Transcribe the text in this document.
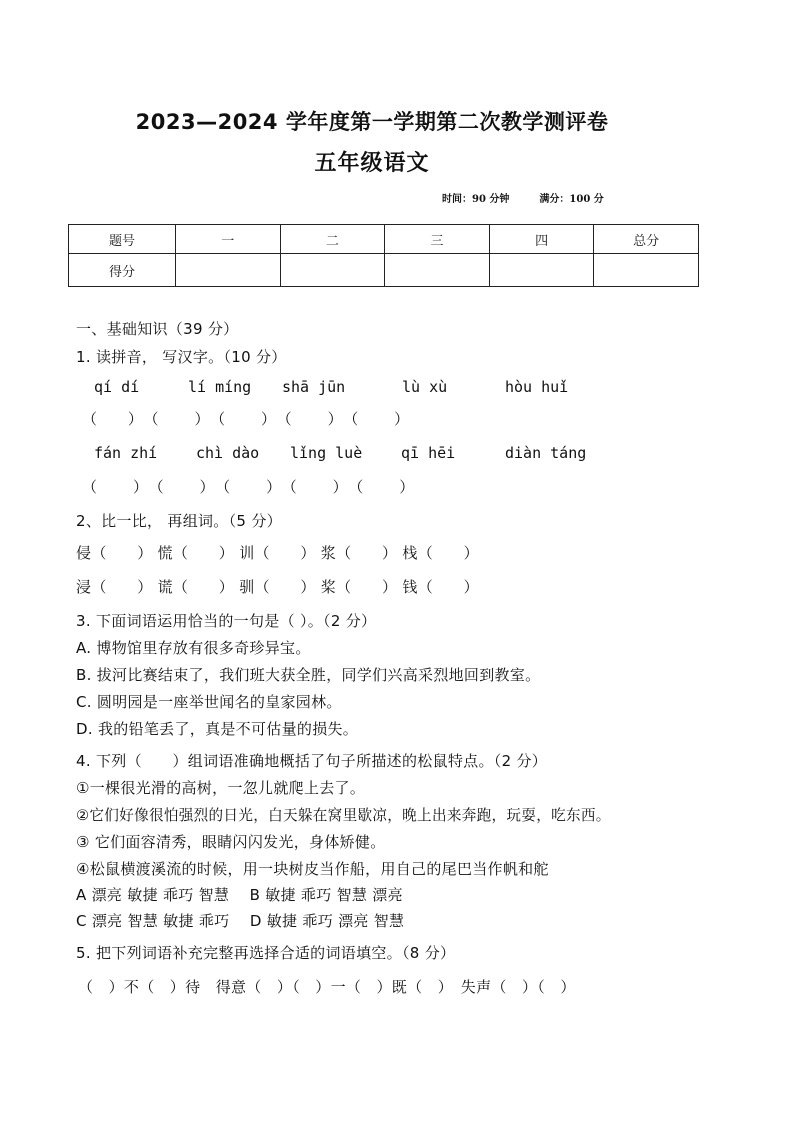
2023—2024 学年度第一学期第二次教学测评卷
五年级语文
时间：90 分钟	满分：100 分
题号	一	二	三	四	总分
得分					
一、基础知识（39 分）
1. 读拼音， 写汉字。（10 分）
qí dí	lí míng shā jūn	lù xù	hòu huǐ
（　　）　（　　 ）　（　　 ）　（　　 ）　（　　 ）
fán zhí	chì dào lǐng luè	qī hēi	diàn táng
（　　 ）　（　　 ）　（　　 ）　（　　 ）　（　　 ）
2、比一比， 再组词。（5 分）
侵（　　） 慌（　　） 训（　　） 浆（　　） 栈（　　）
浸（　　） 谎（　　） 驯（　　） 桨（　　） 钱（　　）
3. 下面词语运用恰当的一句是（ ）。（2 分）
A. 博物馆里存放有很多奇珍异宝。
B. 拔河比赛结束了，我们班大获全胜，同学们兴高采烈地回到教室。
C. 圆明园是一座举世闻名的皇家园林。
D. 我的铅笔丢了，真是不可估量的损失。
4. 下列（　　）组词语准确地概括了句子所描述的松鼠特点。（2 分）
①一棵很光滑的高树，一忽儿就爬上去了。
②它们好像很怕强烈的日光，白天躲在窝里歇凉，晚上出来奔跑，玩耍，吃东西。
③ 它们面容清秀，眼睛闪闪发光，身体矫健。
④松鼠横渡溪流的时候，用一块树皮当作船，用自己的尾巴当作帆和舵
A 漂亮 敏捷 乖巧 智慧　 B 敏捷 乖巧 智慧 漂亮
C 漂亮 智慧 敏捷 乖巧　 D 敏捷 乖巧 漂亮 智慧
5. 把下列词语补充完整再选择合适的词语填空。（8 分）
（　）不（　）待　得意（　）（　）一（　）既（　）　失声（　）（　）
